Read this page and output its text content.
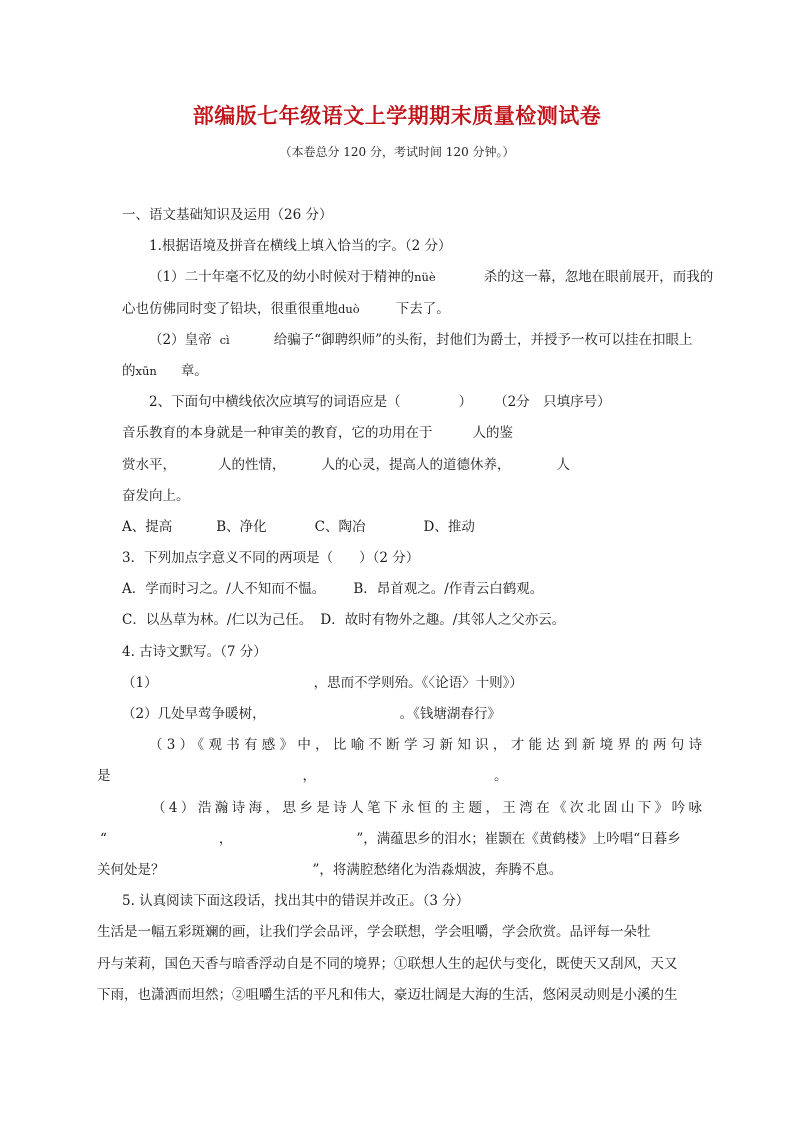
部编版七年级语文上学期期末质量检测试卷
（本卷总分 120 分，考试时间 120 分钟。）
一、语文基础知识及运用（26 分）
1.根据语境及拼音在横线上填入恰当的字。（2 分）
（1）二十年毫不忆及的幼小时候对于精神的nüè	杀的这一幕，忽地在眼前展开，而我的
心也仿佛同时变了铅块，很重很重地duò	下去了。
（2）皇帝 cì	给骗子“御聘织师”的头衔，封他们为爵士，并授予一枚可以挂在扣眼上
的xūn 章。
2、下面句中横线依次应填写的词语应是（	） （2分　只填序号）
音乐教育的本身就是一种审美的教育，它的功用在于	人的鉴
赏水平，	人的性情，	人的心灵，提高人的道德休养，	人
奋发向上。
A、提高	B、净化	C、陶冶	D、推动
3．下列加点字意义不同的两项是（ ）（2 分）
A．学而时习之。/人不知而不愠。 B．昂首观之。/作青云白鹤观。
C．以丛草为林。/仁以为己任。 D．故时有物外之趣。/其邻人之父亦云。
4. 古诗文默写。（7 分）
（1）	，思而不学则殆。《〈论语〉十则》）
（2）几处早莺争暖树，	。《钱塘湖春行》
（3）《观书有感》中，比喻不断学习新知识，才能达到新境界的两句诗
是	，	。
（4）浩瀚诗海，思乡是诗人笔下永恒的主题，王湾在《次北固山下》吟咏
“	，	”，满蕴思乡的泪水；崔颢在《黄鹤楼》上吟唱“日暮乡
关何处是？	”，将满腔愁绪化为浩淼烟波，奔腾不息。
5. 认真阅读下面这段话，找出其中的错误并改正。（3 分）
生活是一幅五彩斑斓的画，让我们学会品评，学会联想，学会咀嚼，学会欣赏。品评每一朵牡
丹与茉莉，国色天香与暗香浮动自是不同的境界；①联想人生的起伏与变化，既使天又刮风，天又
下雨，也潇洒而坦然；②咀嚼生活的平凡和伟大，豪迈壮阔是大海的生活，悠闲灵动则是小溪的生
